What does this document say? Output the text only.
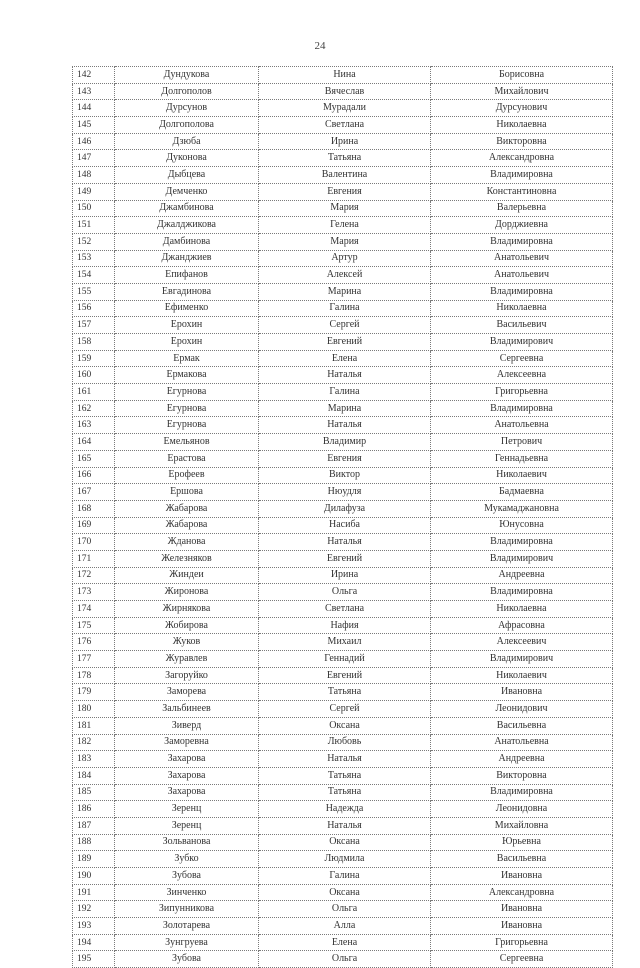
24
142	Дундукова	Нина	Борисовна
143	Долгополов	Вячеслав	Михайлович
144	Дурсунов	Мурадали	Дурсунович
145	Долгополова	Светлана	Николаевна
146	Дзюба	Ирина	Викторовна
147	Дуконова	Татьяна	Александровна
148	Дыбцева	Валентина	Владимировна
149	Демченко	Евгения	Константиновна
150	Джамбинова	Мария	Валерьевна
151	Джалджикова	Гелена	Дорджиевна
152	Дамбинова	Мария	Владимировна
153	Джанджиев	Артур	Анатольевич
154	Епифанов	Алексей	Анатольевич
155	Евгадинова	Марина	Владимировна
156	Ефименко	Галина	Николаевна
157	Ерохин	Сергей	Васильевич
158	Ерохин	Евгений	Владимирович
159	Ермак	Елена	Сергеевна
160	Ермакова	Наталья	Алексеевна
161	Егурнова	Галина	Григорьевна
162	Егурнова	Марина	Владимировна
163	Егурнова	Наталья	Анатольевна
164	Емельянов	Владимир	Петрович
165	Ерастова	Евгения	Геннадьевна
166	Ерофеев	Виктор	Николаевич
167	Ершова	Нюудля	Бадмаевна
168	Жабарова	Дилафуза	Мукамаджановна
169	Жабарова	Насиба	Юнусовна
170	Жданова	Наталья	Владимировна
171	Железняков	Евгений	Владимирович
172	Жиндеи	Ирина	Андреевна
173	Жиронова	Ольга	Владимировна
174	Жирнякова	Светлана	Николаевна
175	Жобирова	Нафия	Афрасовна
176	Жуков	Михаил	Алексеевич
177	Журавлев	Геннадий	Владимирович
178	Загоруйко	Евгений	Николаевич
179	Заморева	Татьяна	Ивановна
180	Зальбинеев	Сергей	Леонидович
181	Зиверд	Оксана	Васильевна
182	Заморевна	Любовь	Анатольевна
183	Захарова	Наталья	Андреевна
184	Захарова	Татьяна	Викторовна
185	Захарова	Татьяна	Владимировна
186	Зеренц	Надежда	Леонидовна
187	Зеренц	Наталья	Михайловна
188	Зольванова	Оксана	Юрьевна
189	Зубко	Людмила	Васильевна
190	Зубова	Галина	Ивановна
191	Зинченко	Оксана	Александровна
192	Зипунникова	Ольга	Ивановна
193	Золотарева	Алла	Ивановна
194	Зунгруева	Елена	Григорьевна
195	Зубова	Ольга	Сергеевна
